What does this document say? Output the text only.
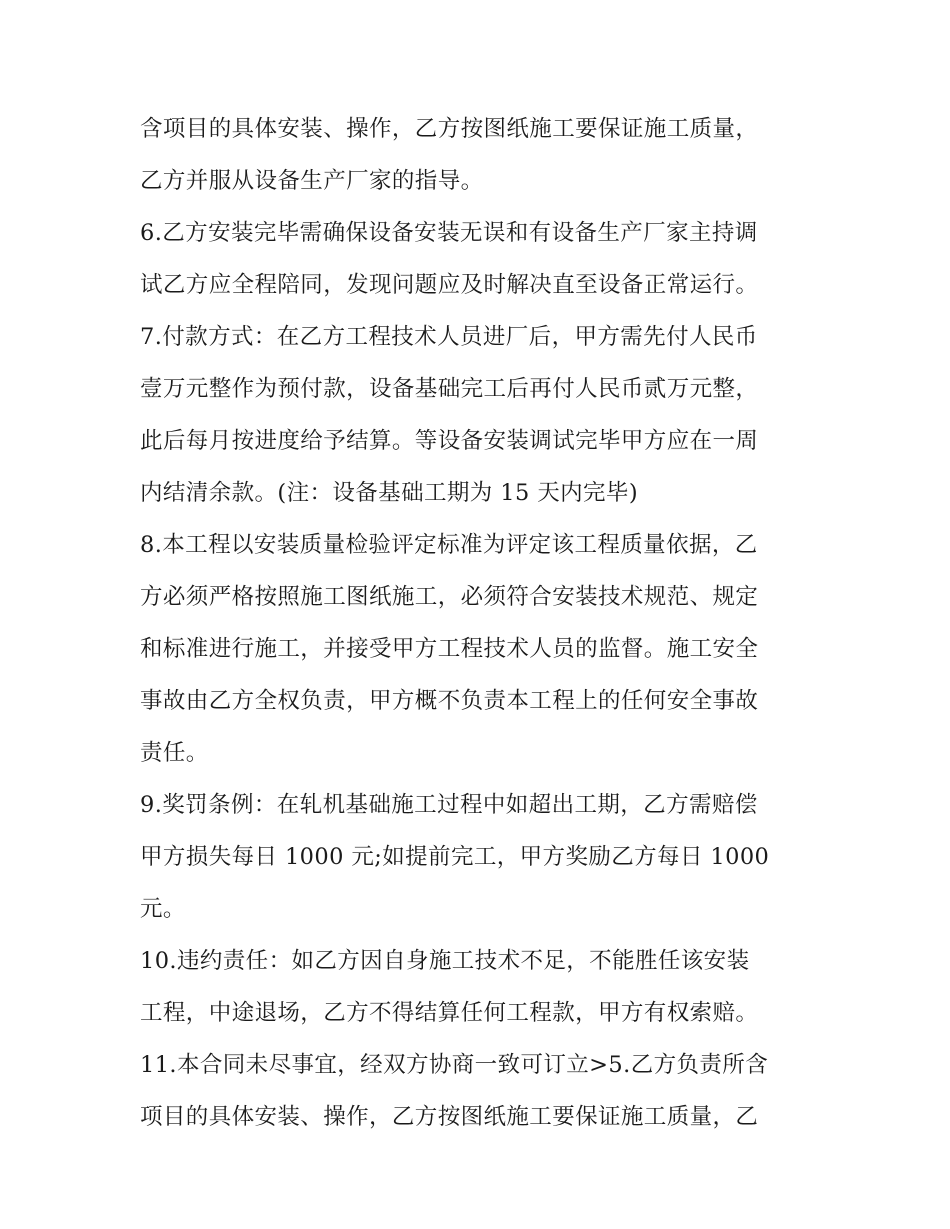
含项目的具体安装、操作，乙方按图纸施工要保证施工质量，
乙方并服从设备生产厂家的指导。
6.乙方安装完毕需确保设备安装无误和有设备生产厂家主持调
试乙方应全程陪同，发现问题应及时解决直至设备正常运行。
7.付款方式：在乙方工程技术人员进厂后，甲方需先付人民币
壹万元整作为预付款，设备基础完工后再付人民币贰万元整，
此后每月按进度给予结算。等设备安装调试完毕甲方应在一周
内结清余款。(注：设备基础工期为 15 天内完毕)
8.本工程以安装质量检验评定标准为评定该工程质量依据，乙
方必须严格按照施工图纸施工，必须符合安装技术规范、规定
和标准进行施工，并接受甲方工程技术人员的监督。施工安全
事故由乙方全权负责，甲方概不负责本工程上的任何安全事故
责任。
9.奖罚条例：在轧机基础施工过程中如超出工期，乙方需赔偿
甲方损失每日 1000 元;如提前完工，甲方奖励乙方每日 1000
元。
10.违约责任：如乙方因自身施工技术不足，不能胜任该安装
工程，中途退场，乙方不得结算任何工程款，甲方有权索赔。
11.本合同未尽事宜，经双方协商一致可订立>5.乙方负责所含
项目的具体安装、操作，乙方按图纸施工要保证施工质量，乙
